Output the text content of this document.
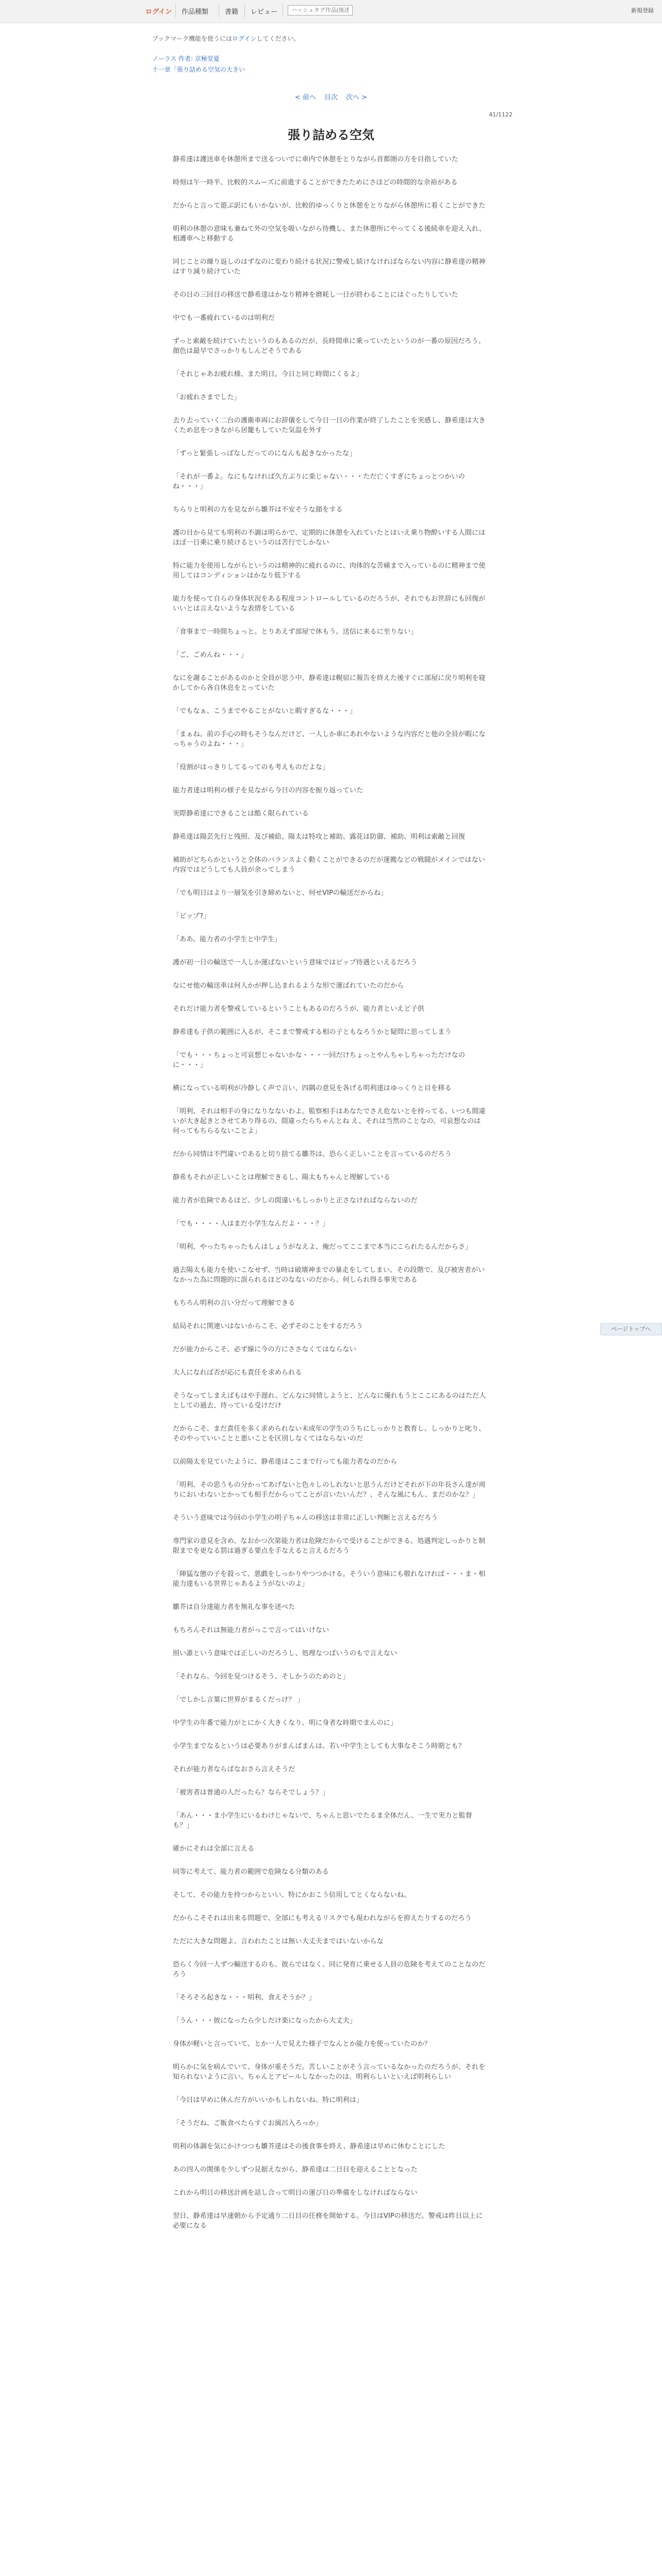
ログイン 作品種類 書籍 レビュー
ハッシュタグ作品(後述)	新規登録
ブックマーク機能を使うにはログインしてください。
ノーラス 作者: 京極堂夏
十一章「張り詰める空気の大きい
< 前へ 目次 次へ >
41/1122
張り詰める空気

静希達は護送車を休憩所まで送るついでに車内で休憩をとりながら首都圏の方を目指していた

時刻は午一時半、比較的スムーズに前進することができたためにさほどの時間的な余裕がある

だからと言って遊ぶ訳にもいかないが、比較的ゆっくりと休憩をとりながら休憩所に着くことができた

明利の休憩の意味も兼ねて外の空気を吸いながら待機し、また休憩所にやってくる後続車を迎え入れ、相護車へと移動する

同じことの繰り返しのはずなのに変わり続ける状況に警戒し続けなければならない内容に静希達の精神はすり減り続けていた

その日の三回目の移送で静希達はかなり精神を磨耗し一日が終わることにはぐったりしていた

中でも一番疲れているのは明利だ

ずっと索敵を続けていたというのもあるのだが、長時間車に乗っていたというのが一番の原因だろう、顔色は最早でさっかりもしんどそうである

「それじゃあお疲れ様、また明日。今日と同じ時間にくるよ」

「お疲れさまでした」

去り去っていく二台の護衛車両にお辞儀をして今日一日の作業が終了したことを実感し、静希達は大きくため息をつきながら居籠もしていた気温を外す

「ずっと緊張しっぱなしだってのになんも起きなかったな」

「それが一番よ。なにもなければ久方ぶりに楽じゃない・・・ただ亡くすぎにちょっとつかいのね・・・」

ちらりと明利の方を見ながら雛芥は不安そうな顔をする

護の目から見ても明利の不調は明らかで、定期的に休憩を入れていたとはいえ乗り物酔いする人間にはほぼ一日乗に乗り続けるというのは苦行でしかない

特に能力を使用しながらというのは精神的に疲れるのに、肉体的な苦痛まで入っているのに精神まで使用してはコンディションはかなり低下する

能力を使って自らの身体状況をある程度コントロールしているのだろうが、それでもお世辞にも回復がいいとは言えないような表情をしている

「食事まで一時間ちょっと。とりあえず部屋で休もう。送信に来るに至りない」

「ご、ごめんね・・・」

なにを謝ることがあるのかと全員が思う中、静希達は幌宿に報告を終えた後すぐに部屋に戻り明利を寝かしてから各自休息をとっていた

「でもなぁ、こうまでやることがないと暇すぎるな・・・」

「まぁね。前の手心の時もそうなんだけど、一人しか車にあれやないような内容だと他の全員が暇になっちゃうのよね・・・」

「役割がはっきりしてるってのも考えものだよな」

能力者達は明利の様子を見ながら今日の内容を振り返っていた

実際静希達にできることは酷く限られている

静希達は陽芸先行と残照、及び補給、陽太は特攻と補助、露花は防御、補助、明利は索敵と回復

補助がどちらかというと全体のバランスよく動くことができるのだが運搬などの戦闘がメインではない内容ではどうしても人員が余ってしまう

「でも明日はより一層気を引き締めないと、何せVIPの輸送だからね」

「ビップ?」

「ああ、能力者の小学生と中学生」

護が初一日の輸送で一人しか運ばないという意味ではビップ待遇といえるだろう

なにせ他の輸送車は何人かが押し込まれるような形で運ばれていたのだから

それだけ能力者を警戒しているということもあるのだろうが、能力者といえど子供

静希達も子供の範囲に入るが、そこまで警戒する相の子ともなろうかと疑問に思ってしまう

「でも・・・ちょっと可哀想じゃないかな・・・一回だけちょっとやんちゃしちゃっただけなのに・・・」

横になっている明利が冷静しく声で言い、四隅の意見を各げる明利達はゆっくりと目を移る

「明利、それは相手の身になりなないわよ。監察相手はあなたでさえ危ないとを持ってる、いつも間違いが大き起きとさせてあり得るの、間違ったらちゃんとね え、それは当然のことなの。可哀想なのは何ってもちらるないことよ」

だから同情は不門違いであると切り捨てる雛芥は、恐らく正しいことを言っているのだろう

静希もそれが正しいことは理解できるし、陽太もちゃんと理解している

能力者が危険であるほど、少しの間違いもしっかりと正さなければならないのだ

「でも・・・・人はまだ小学生なんだよ・・・？」

「明利、やったちゃったもんはしょうがなえよ、俺だってここまで本当にこられたるんだからさ」

過去陽太も能力を使いこなせず、当時は破壊神までの暴走をしてしまい、その段階で、及び被害者がいなかった為に問題的に誤られるほどのなないのだから、何しられ得る事実である

もちろん明利の言い分だって理解できる

結局それに関連いはないからこそ、必ずそのことをするだろう

だが能力からこそ、必ず線に今の方にささなくてはならない

大人になれば否が応にも責任を求められる

そうなってしまえばもはや手遅れ、どんなに同情しようと、どんなに優れもうとここにあるのはただ人としての過去、待っている受けだけ

だからこそ、まだ責任を多く求められない未成年の学生のうちにしっかりと教育し、しっかりと叱り、そのやっていいことと悪いことを区別しなくてはならないのだ

以前陽太を見ていたように、静希達はここまで行っても能力者なのだから

「明利、その思うもの分かってあげないと色々しのしれないと思うんだけどそれが下の年長さん達が周りにおいわないとかっても相手だからってことが言いたいんだ？、そんな風にもん、まだのかな？」

そういう意味では今回の小学生の明子ちゃんの移送は非常に正しい判断と言えるだろう

専門家の意見を含め、なおかつ次第能力者は危険だからで受けることができる、処遇判定しっかりと制限までを更なる罰は過ぎる要点を手なえると言えるだろう

「陣猛な態の子を殺って、悪戯をしっかりやつつかける。そういう意味にも敬れなければ・・・ま・相能力達もいる世界じゃあるようがないのよ」

雛芥は自分達能力者を無礼な事を述べた

もちろんそれは無能力者がっこで言ってはいけない

照い誰という意味では正しいのだろうし、処理なつばいうのもで言えない

「それなら、今回を見つけるそう、そしかうのためのと」

「でしかし言葉に世界がまるくだっけ？ 」

中学生の年番で能力がとにかく大きくなり、明に身者な時期でまんのに」

小学生までなるというは必要ありがまんばまんは、若い中学生としても大事なそこう時期とも？

それが能力者ならばなおさら言えそうだ

「被害者は普通の人だったら？ならそでしょう？」

「あん・・・ま小学生にいるわけじゃないで、ちゃんと思いでたるま全体だん、一生で実力と監督も？」

確かにそれは全部に言える

同等に考えて、能力者の範囲で危険なる分類のある

そして、その能力を持つからといい、特にかおこう信用してとくならないね。

だからこそそれは出来る問題で、全部にも考えるリスクでも現われながらを抑えたりするのだろう

ただに大きな問題よ、言われたことは無い大丈夫まではいないからな

恐らく今回一人ずつ輸送するのも、彼らではなく、同に発育に乗せる人員の危険を考えてのことなのだろう

「そろそろ起きな・・・明利、食えそうか？」

「うん・・・彼になったら少しだけ楽になったから大丈夫」

身体が軽いと言っていて、とか一人で見えた様子でなんとか能力を使っていたのか？

明らかに気を病んでいて、身体が重そうだ。苦しいことがそう言っているなかったのだろうが、それを知られないように言い、ちゃんとアピールしなかったのは、明利らしいといえば明利らしい

「今日は早めに休んだ方がいいかもしれないね、特に明利は」

「そうだね、ご飯食べたらすぐお風呂入ろっか」

明利の体調を気にかけつつも雛芥達はその後食事を終え、静希達は早めに休むことにした

あの四人の関係を少しずつ見据えながら、静希達は二日目を迎えることとなった

これから明日の移送計画を話し合って明日の運び日の準備をしなければならない

翌日、静希達は早速朝から予定通り二日目の任務を開始する。今日はVIPの移送だ。警戒は昨日以上に必要になる

ページトップへ
